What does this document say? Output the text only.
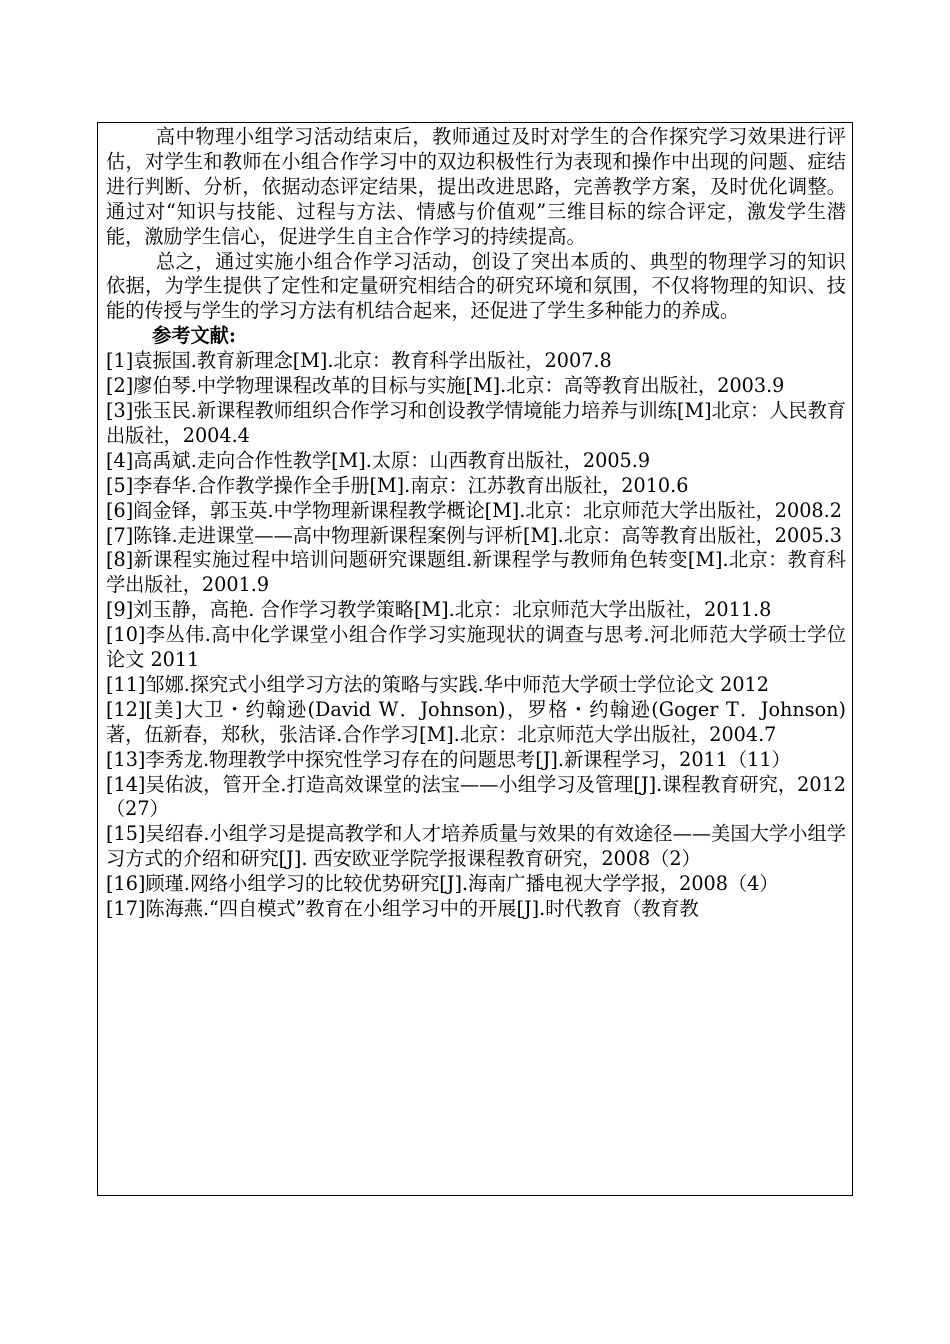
高中物理小组学习活动结束后，教师通过及时对学生的合作探究学习效果进行评估，对学生和教师在小组合作学习中的双边积极性行为表现和操作中出现的问题、症结进行判断、分析，依据动态评定结果，提出改进思路，完善教学方案，及时优化调整。通过对“知识与技能、过程与方法、情感与价值观”三维目标的综合评定，激发学生潜能，激励学生信心，促进学生自主合作学习的持续提高。

总之，通过实施小组合作学习活动，创设了突出本质的、典型的物理学习的知识依据，为学生提供了定性和定量研究相结合的研究环境和氛围，不仅将物理的知识、技能的传授与学生的学习方法有机结合起来，还促进了学生多种能力的养成。

参考文献:

[1]袁振国.教育新理念[M].北京：教育科学出版社，2007.8

[2]廖伯琴.中学物理课程改革的目标与实施[M].北京：高等教育出版社，2003.9

[3]张玉民.新课程教师组织合作学习和创设教学情境能力培养与训练[M]北京：人民教育出版社，2004.4

[4]高禹斌.走向合作性教学[M].太原：山西教育出版社，2005.9

[5]李春华.合作教学操作全手册[M].南京：江苏教育出版社，2010.6

[6]阎金铎，郭玉英.中学物理新课程教学概论[M].北京：北京师范大学出版社，2008.2

[7]陈锋.走进课堂——高中物理新课程案例与评析[M].北京：高等教育出版社，2005.3

[8]新课程实施过程中培训问题研究课题组.新课程学与教师角色转变[M].北京：教育科学出版社，2001.9

[9]刘玉静，高艳. 合作学习教学策略[M].北京：北京师范大学出版社，2011.8

[10]李丛伟.高中化学课堂小组合作学习实施现状的调查与思考.河北师范大学硕士学位论文 2011

[11]邹娜.探究式小组学习方法的策略与实践.华中师范大学硕士学位论文 2012

[12][美]大卫・约翰逊(David W．Johnson)，罗格・约翰逊(Goger T．Johnson)著，伍新春，郑秋，张洁译.合作学习[M].北京：北京师范大学出版社，2004.7

[13]李秀龙.物理教学中探究性学习存在的问题思考[J].新课程学习，2011（11）

[14]吴佑波，管开全.打造高效课堂的法宝——小组学习及管理[J].课程教育研究，2012（27）

[15]吴绍春.小组学习是提高教学和人才培养质量与效果的有效途径——美国大学小组学习方式的介绍和研究[J]. 西安欧亚学院学报课程教育研究，2008（2）

[16]顾瑾.网络小组学习的比较优势研究[J].海南广播电视大学学报，2008（4）

[17]陈海燕.“四自模式”教育在小组学习中的开展[J].时代教育（教育教
